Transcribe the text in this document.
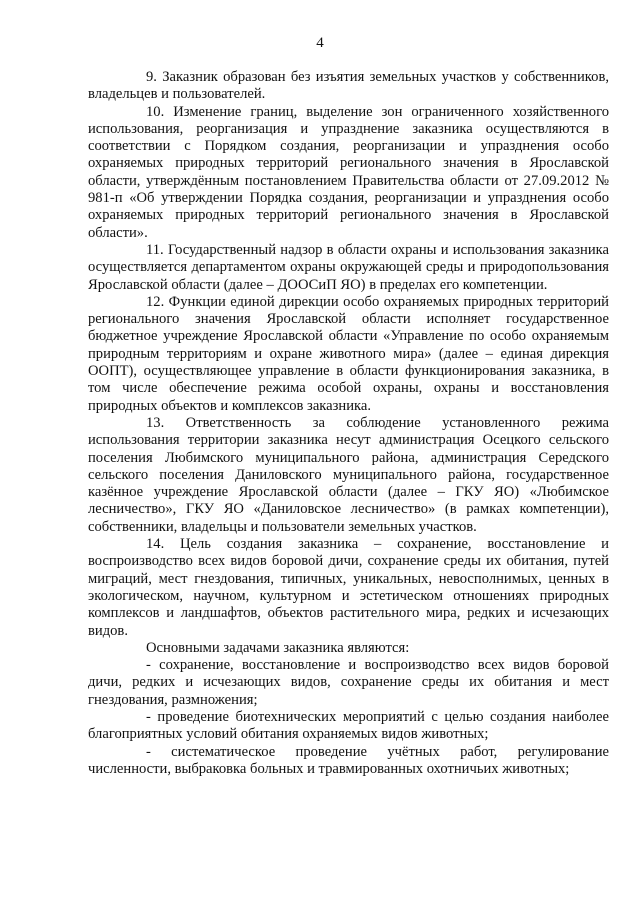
4

9. Заказник образован без изъятия земельных участков у собственников, владельцев и пользователей.

10. Изменение границ, выделение зон ограниченного хозяйственного использования, реорганизация и упразднение заказника осуществляются в соответствии с Порядком создания, реорганизации и упразднения особо охраняемых природных территорий регионального значения в Ярославской области, утверждённым постановлением Правительства области от 27.09.2012 № 981-п «Об утверждении Порядка создания, реорганизации и упразднения особо охраняемых природных территорий регионального значения в Ярославской области».

11. Государственный надзор в области охраны и использования заказника осуществляется департаментом охраны окружающей среды и природопользования Ярославской области (далее – ДООСиП ЯО) в пределах его компетенции.

12. Функции единой дирекции особо охраняемых природных территорий регионального значения Ярославской области исполняет государственное бюджетное учреждение Ярославской области «Управление по особо охраняемым природным территориям и охране животного мира» (далее – единая дирекция ООПТ), осуществляющее управление в области функционирования заказника, в том числе обеспечение режима особой охраны, охраны и восстановления природных объектов и комплексов заказника.

13. Ответственность за соблюдение установленного режима использования территории заказника несут администрация Осецкого сельского поселения Любимского муниципального района, администрация Середского сельского поселения Даниловского муниципального района, государственное казённое учреждение Ярославской области (далее – ГКУ ЯО) «Любимское лесничество», ГКУ ЯО «Даниловское лесничество» (в рамках компетенции), собственники, владельцы и пользователи земельных участков.

14. Цель создания заказника – сохранение, восстановление и воспроизводство всех видов боровой дичи, сохранение среды их обитания, путей миграций, мест гнездования, типичных, уникальных, невосполнимых, ценных в экологическом, научном, культурном и эстетическом отношениях природных комплексов и ландшафтов, объектов растительного мира, редких и исчезающих видов.

Основными задачами заказника являются:

- сохранение, восстановление и воспроизводство всех видов боровой дичи, редких и исчезающих видов, сохранение среды их обитания и мест гнездования, размножения;

- проведение биотехнических мероприятий с целью создания наиболее благоприятных условий обитания охраняемых видов животных;

- систематическое проведение учётных работ, регулирование численности, выбраковка больных и травмированных охотничьих животных;
